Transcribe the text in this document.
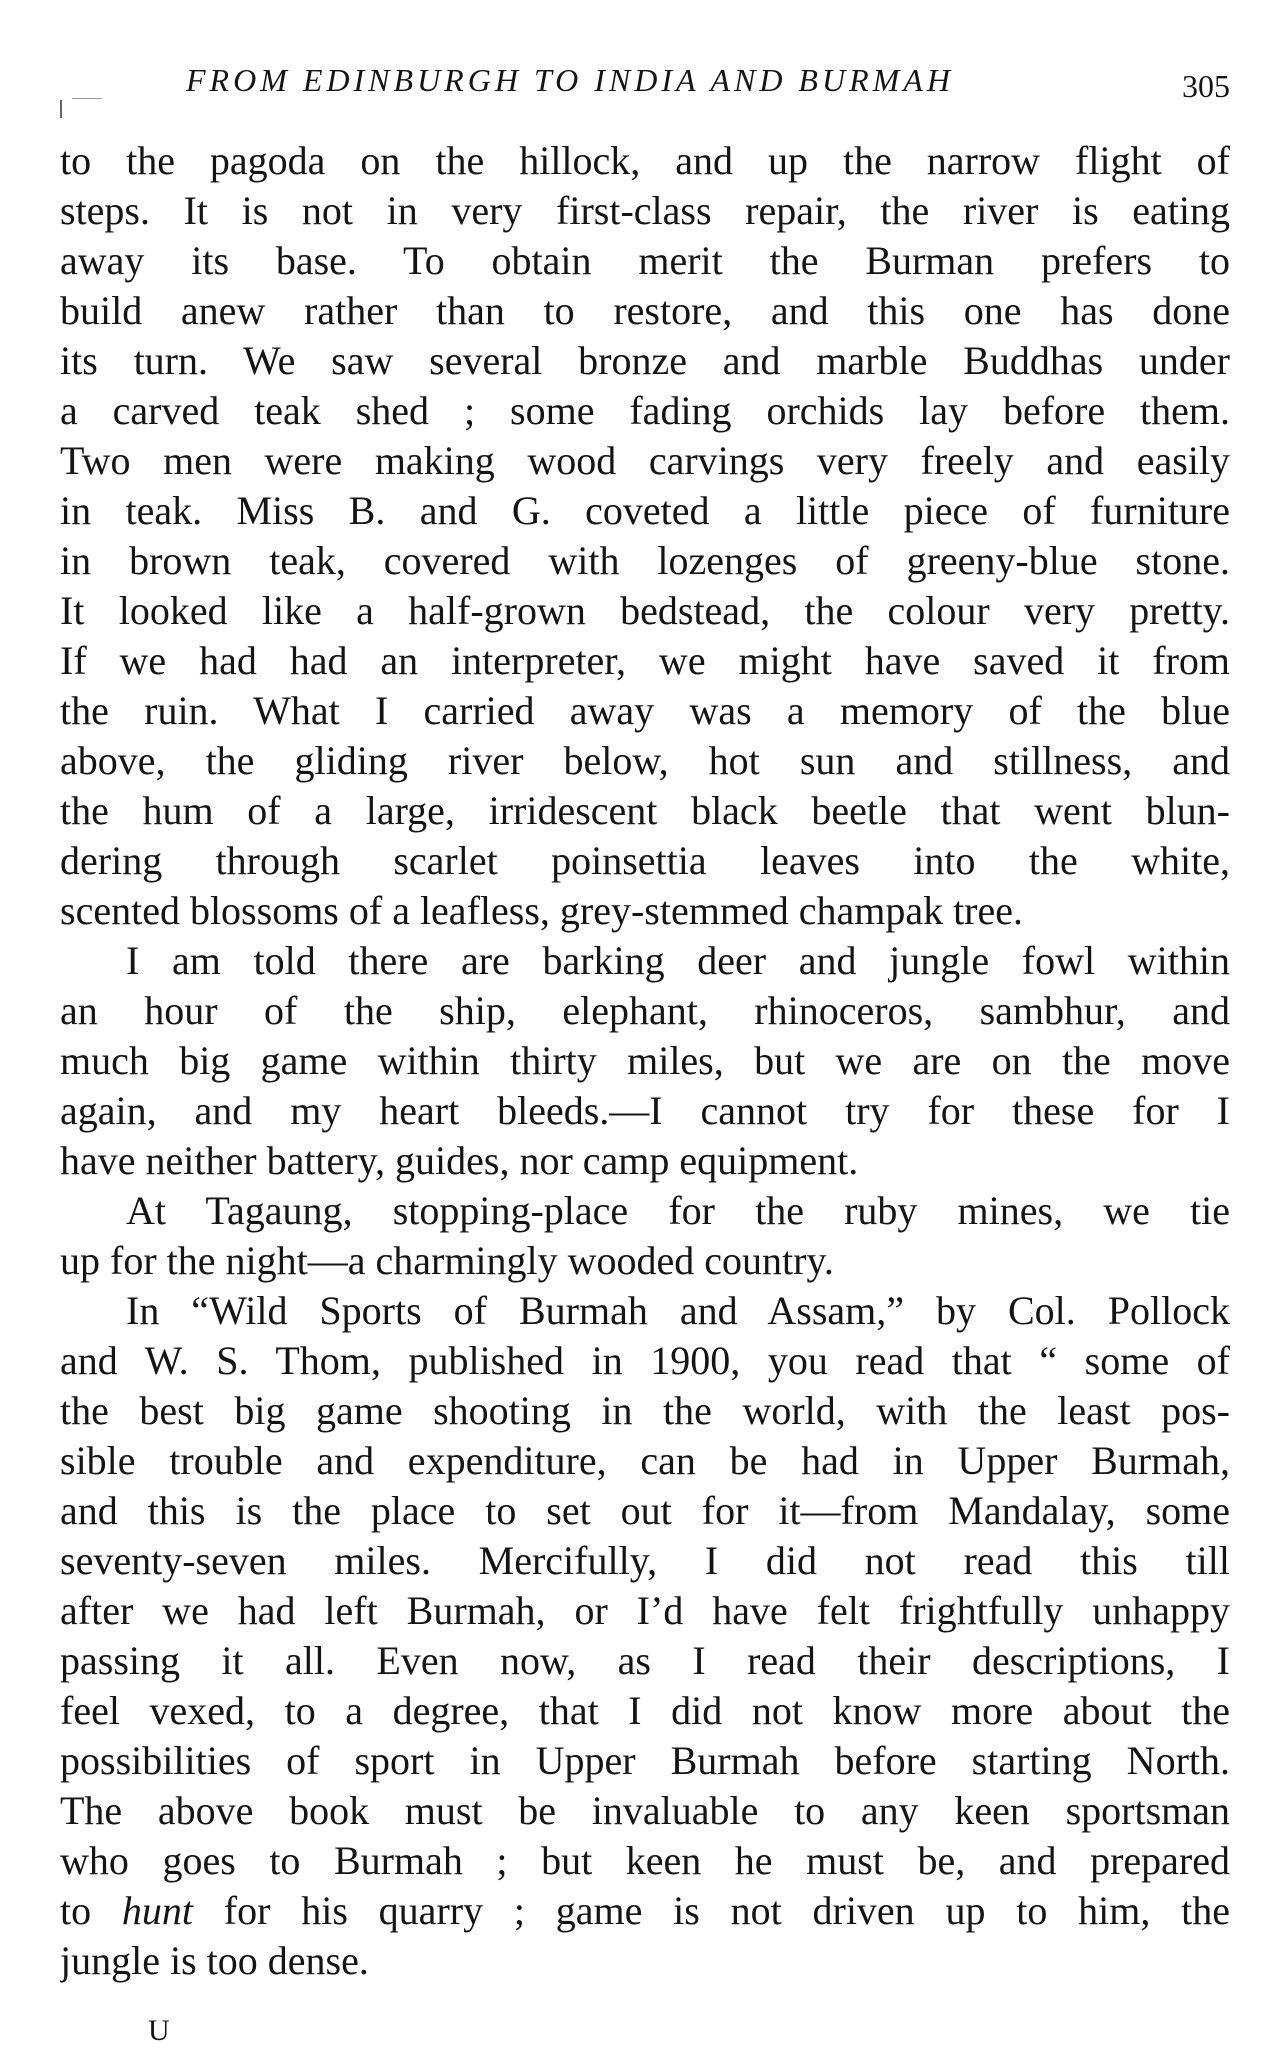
FROM EDINBURGH TO INDIA AND BURMAH	305
to the pagoda on the hillock, and up the narrow flight of
steps. It is not in very first-class repair, the river is eating
away its base. To obtain merit the Burman prefers to
build anew rather than to restore, and this one has done
its turn. We saw several bronze and marble Buddhas under
a carved teak shed ; some fading orchids lay before them.
Two men were making wood carvings very freely and easily
in teak. Miss B. and G. coveted a little piece of furniture
in brown teak, covered with lozenges of greeny-blue stone.
It looked like a half-grown bedstead, the colour very pretty.
If we had had an interpreter, we might have saved it from
the ruin. What I carried away was a memory of the blue
above, the gliding river below, hot sun and stillness, and
the hum of a large, irridescent black beetle that went blun-
dering through scarlet poinsettia leaves into the white,
scented blossoms of a leafless, grey-stemmed champak tree.
I am told there are barking deer and jungle fowl within
an hour of the ship, elephant, rhinoceros, sambhur, and
much big game within thirty miles, but we are on the move
again, and my heart bleeds.—I cannot try for these for I
have neither battery, guides, nor camp equipment.
At Tagaung, stopping-place for the ruby mines, we tie
up for the night—a charmingly wooded country.
In “Wild Sports of Burmah and Assam,” by Col. Pollock
and W. S. Thom, published in 1900, you read that “ some of
the best big game shooting in the world, with the least pos-
sible trouble and expenditure, can be had in Upper Burmah,
and this is the place to set out for it—from Mandalay, some
seventy-seven miles. Mercifully, I did not read this till
after we had left Burmah, or I’d have felt frightfully unhappy
passing it all. Even now, as I read their descriptions, I
feel vexed, to a degree, that I did not know more about the
possibilities of sport in Upper Burmah before starting North.
The above book must be invaluable to any keen sportsman
who goes to Burmah ; but keen he must be, and prepared
to hunt for his quarry ; game is not driven up to him, the
jungle is too dense.
U
